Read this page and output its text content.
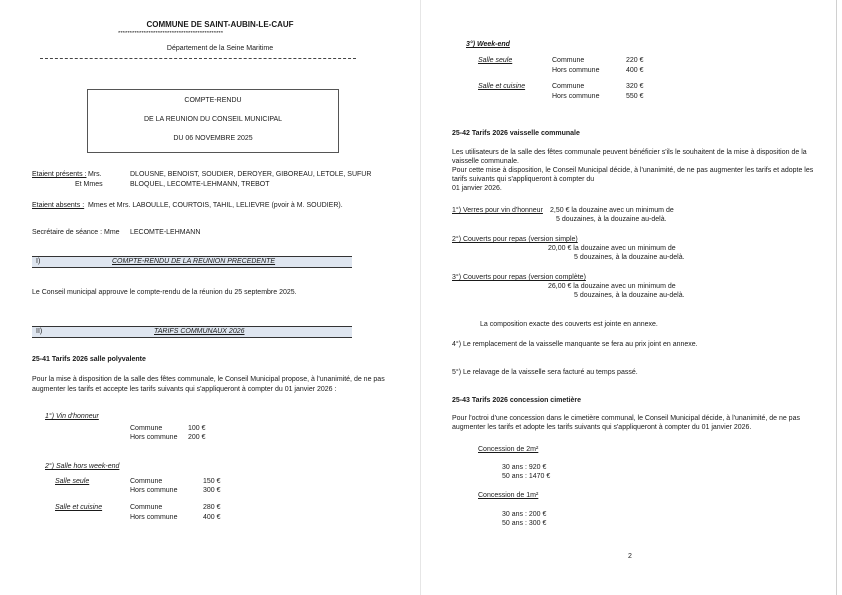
COMMUNE DE SAINT-AUBIN-LE-CAUF
*********************************************
Département de la Seine Maritime
COMPTE-RENDU
DE LA REUNION DU CONSEIL MUNICIPAL
DU 06 NOVEMBRE 2025
Etaient présents : Mrs.	DLOUSNE, BENOIST, SOUDIER, DEROYER, GIBOREAU, LETOLE, SUFUR
Et Mmes	BLOQUEL, LECOMTE-LEHMANN, TREBOT
Etaient absents : Mmes et Mrs. LABOULLE, COURTOIS, TAHIL, LELIEVRE (pvoir à M. SOUDIER).
Secrétaire de séance : Mme LECOMTE-LEHMANN
I)	COMPTE-RENDU DE LA REUNION PRECEDENTE
Le Conseil municipal approuve le compte-rendu de la réunion du 25 septembre 2025.
II)	TARIFS COMMUNAUX 2026
25-41 Tarifs 2026 salle polyvalente
Pour la mise à disposition de la salle des fêtes communale, le Conseil Municipal propose, à l'unanimité, de ne pas
augmenter les tarifs et accepte les tarifs suivants qui s'appliqueront à compter du 01 janvier 2026 :
1°) Vin d'honneur
Commune	100 €
Hors commune 200 €
2°) Salle hors week-end
Salle seule	Commune	150 €
Hors commune	300 €
Salle et cuisine	Commune	280 €
Hors commune	400 €
3°) Week-end
Salle seule	Commune	220 €
Hors commune	400 €
Salle et cuisine	Commune	320 €
Hors commune	550 €
25-42 Tarifs 2026 vaisselle communale
Les utilisateurs de la salle des fêtes communale peuvent bénéficier s'ils le souhaitent de la mise à disposition de la
vaisselle communale.
Pour cette mise à disposition, le Conseil Municipal décide, à l'unanimité, de ne pas augmenter les tarifs et adopte les
tarifs suivants qui s'appliqueront à compter du
01 janvier 2026.
1°) Verres pour vin d'honneur 2,50 € la douzaine avec un minimum de
5 douzaines, à la douzaine au-delà.
2°) Couverts pour repas (version simple)
20,00 € la douzaine avec un minimum de
5 douzaines, à la douzaine au-delà.
3°) Couverts pour repas (version complète)
26,00 € la douzaine avec un minimum de
5 douzaines, à la douzaine au-delà.
La composition exacte des couverts est jointe en annexe.
4°) Le remplacement de la vaisselle manquante se fera au prix joint en annexe.
5°) Le relavage de la vaisselle sera facturé au temps passé.
25-43 Tarifs 2026 concession cimetière
Pour l'octroi d'une concession dans le cimetière communal, le Conseil Municipal décide, à l'unanimité, de ne pas
augmenter les tarifs et adopte les tarifs suivants qui s'appliqueront à compter du 01 janvier 2026.
Concession de 2m²
30 ans : 920 €
50 ans : 1470 €
Concession de 1m²
30 ans : 200 €
50 ans : 300 €
2
